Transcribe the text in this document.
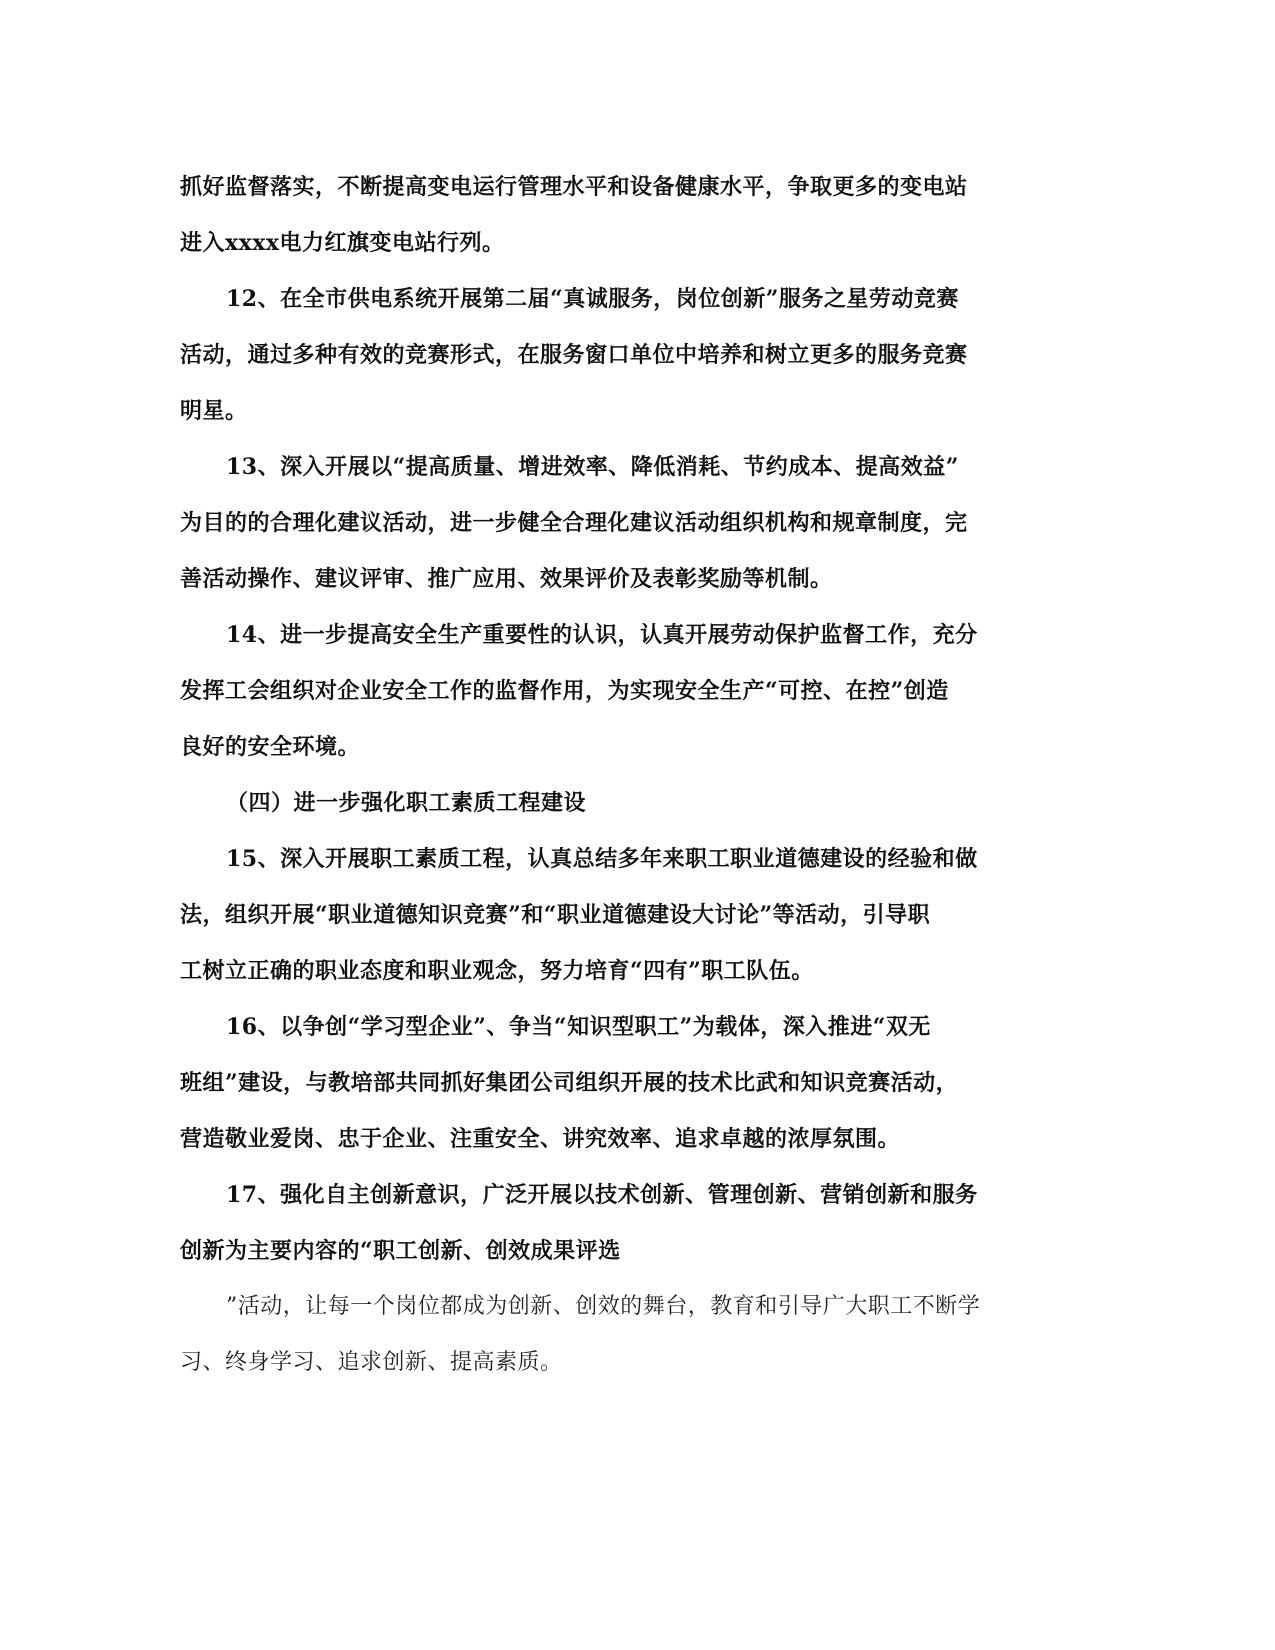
抓好监督落实，不断提高变电运行管理水平和设备健康水平，争取更多的变电站
进入xxxx电力红旗变电站行列。
12、在全市供电系统开展第二届“真诚服务，岗位创新”服务之星劳动竞赛
活动，通过多种有效的竞赛形式，在服务窗口单位中培养和树立更多的服务竞赛
明星。
13、深入开展以“提高质量、增进效率、降低消耗、节约成本、提高效益”
为目的的合理化建议活动，进一步健全合理化建议活动组织机构和规章制度，完
善活动操作、建议评审、推广应用、效果评价及表彰奖励等机制。
14、进一步提高安全生产重要性的认识，认真开展劳动保护监督工作，充分
发挥工会组织对企业安全工作的监督作用，为实现安全生产“可控、在控”创造
良好的安全环境。
（四）进一步强化职工素质工程建设
15、深入开展职工素质工程，认真总结多年来职工职业道德建设的经验和做
法，组织开展“职业道德知识竞赛”和“职业道德建设大讨论”等活动，引导职
工树立正确的职业态度和职业观念，努力培育“四有”职工队伍。
16、以争创“学习型企业”、争当“知识型职工”为载体，深入推进“双无
班组”建设，与教培部共同抓好集团公司组织开展的技术比武和知识竞赛活动，
营造敬业爱岗、忠于企业、注重安全、讲究效率、追求卓越的浓厚氛围。
17、强化自主创新意识，广泛开展以技术创新、管理创新、营销创新和服务
创新为主要内容的“职工创新、创效成果评选
”活动，让每一个岗位都成为创新、创效的舞台，教育和引导广大职工不断学
习、终身学习、追求创新、提高素质。
